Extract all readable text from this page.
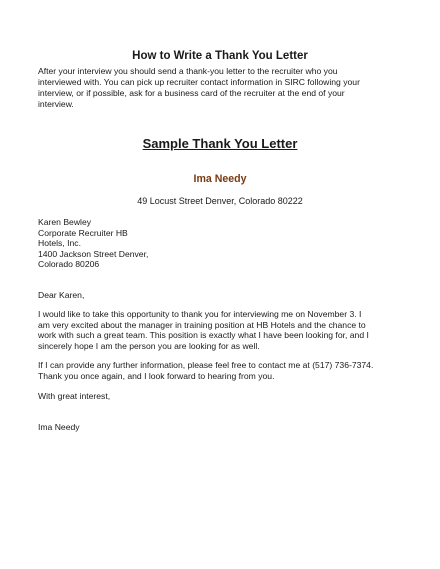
How to Write a Thank You Letter
After your interview you should send a thank-you letter to the recruiter who you
interviewed with. You can pick up recruiter contact information in SIRC following your
interview, or if possible, ask for a business card of the recruiter at the end of your
interview.
Sample Thank You Letter
Ima Needy
49 Locust Street Denver, Colorado 80222
Karen Bewley
Corporate Recruiter HB
Hotels, Inc.
1400 Jackson Street Denver,
Colorado 80206
Dear Karen,
I would like to take this opportunity to thank you for interviewing me on November 3. I
am very excited about the manager in training position at HB Hotels and the chance to
work with such a great team. This position is exactly what I have been looking for, and I
sincerely hope I am the person you are looking for as well.
If I can provide any further information, please feel free to contact me at (517) 736-7374.
Thank you once again, and I look forward to hearing from you.
With great interest,
Ima Needy
